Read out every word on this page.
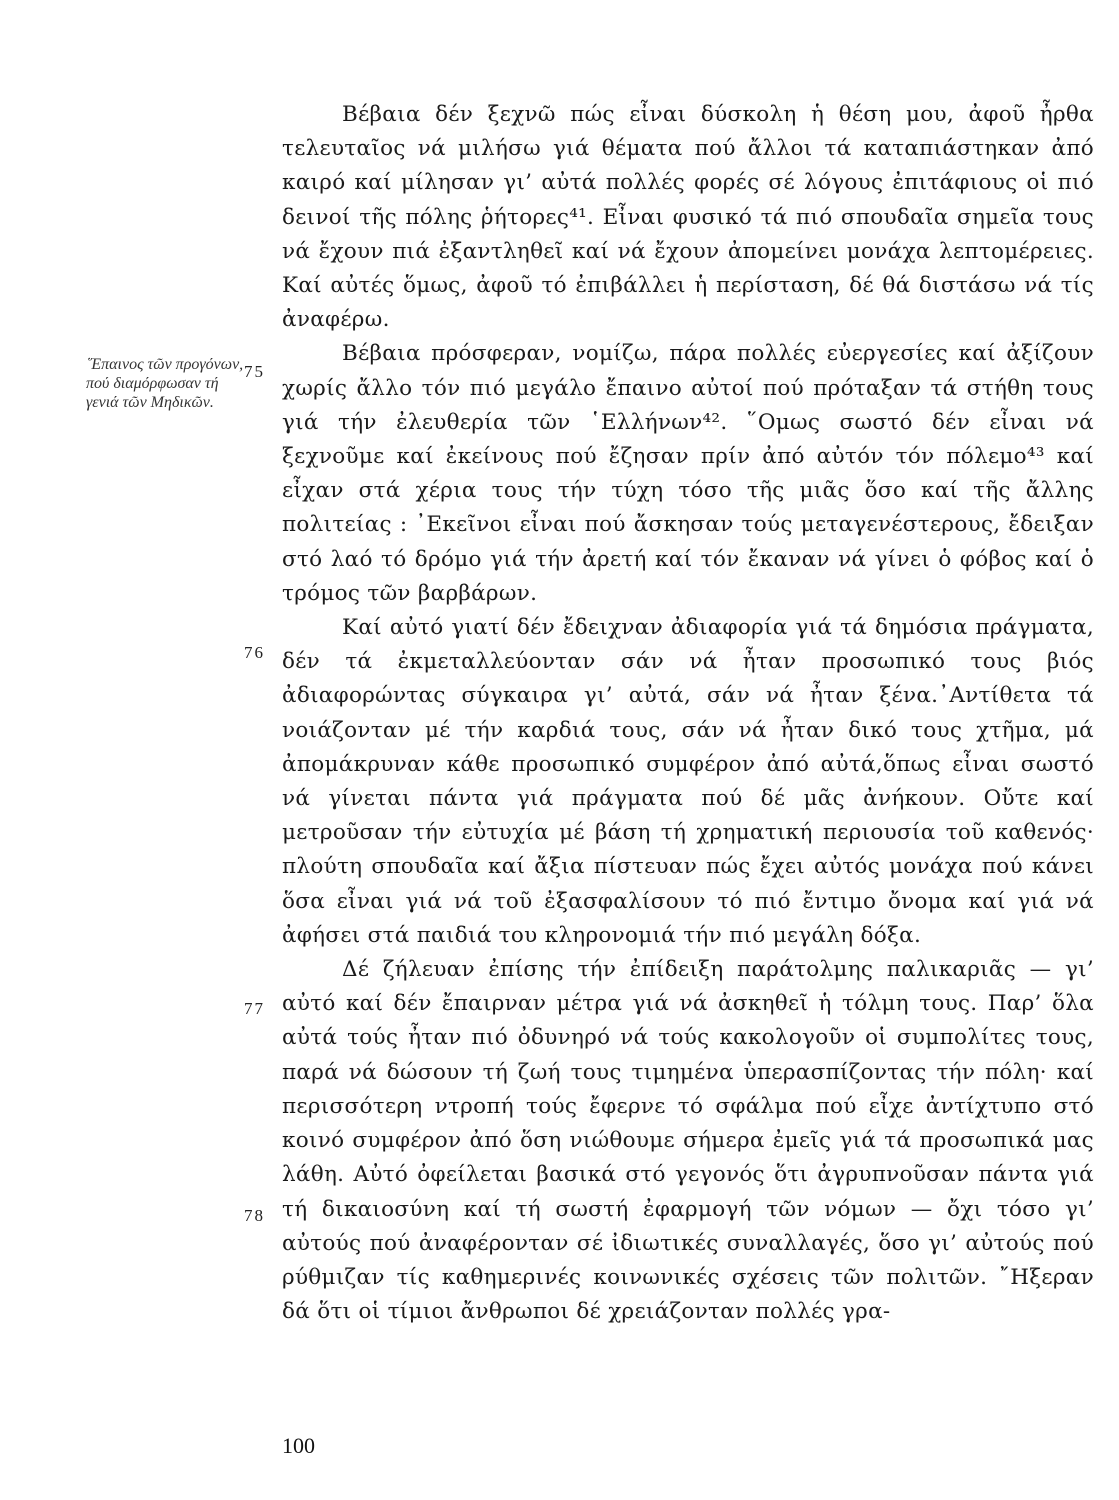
῞Επαινος τῶν προγόνων, πού διαμόρφωσαν τή γενιά τῶν Μηδικῶν.
75
76
77
78

Βέβαια δέν ξεχνῶ πώς εἶναι δύσκολη ἡ θέση μου, ἀφοῦ ἦρθα τελευταῖος νά μιλήσω γιά θέματα πού ἄλλοι τά καταπιάστηκαν ἀπό καιρό καί μίλησαν γι’ αὐτά πολλές φορές σέ λόγους ἐπιτάφιους οἱ πιό δεινοί τῆς πόλης ῥήτορες⁴¹. Εἶναι φυσικό τά πιό σπουδαῖα σημεῖα τους νά ἔχουν πιά ἐξαντληθεῖ καί νά ἔχουν ἀπομείνει μονάχα λεπτομέρειες. Καί αὐτές ὅμως, ἀφοῦ τό ἐπιβάλλει ἡ περίσταση, δέ θά διστάσω νά τίς ἀναφέρω.

Βέβαια πρόσφεραν, νομίζω, πάρα πολλές εὐεργεσίες καί ἀξίζουν χωρίς ἄλλο τόν πιό μεγάλο ἔπαινο αὐτοί πού πρόταξαν τά στήθη τους γιά τήν ἐλευθερία τῶν ῾Ελλήνων⁴². ῞Ομως σωστό δέν εἶναι νά ξεχνοῦμε καί ἐκείνους πού ἔζησαν πρίν ἀπό αὐτόν τόν πόλεμο⁴³ καί εἶχαν στά χέρια τους τήν τύχη τόσο τῆς μιᾶς ὅσο καί τῆς ἄλλης πολιτείας : ᾿Εκεῖνοι εἶναι πού ἄσκησαν τούς μεταγενέστερους, ἔδειξαν στό λαό τό δρόμο γιά τήν ἀρετή καί τόν ἔκαναν νά γίνει ὁ φόβος καί ὁ τρόμος τῶν βαρβάρων.

Καί αὐτό γιατί δέν ἔδειχναν ἀδιαφορία γιά τά δημόσια πράγματα, δέν τά ἐκμεταλλεύονταν σάν νά ἦταν προσωπικό τους βιός ἀδιαφορώντας σύγκαιρα γι’ αὐτά, σάν νά ἦταν ξένα.᾿Αντίθετα τά νοιάζονταν μέ τήν καρδιά τους, σάν νά ἦταν δικό τους χτῆμα, μά ἀπομάκρυναν κάθε προσωπικό συμφέρον ἀπό αὐτά,ὅπως εἶναι σωστό νά γίνεται πάντα γιά πράγματα πού δέ μᾶς ἀνήκουν. Οὔτε καί μετροῦσαν τήν εὐτυχία μέ βάση τή χρηματική περιουσία τοῦ καθενός· πλούτη σπουδαῖα καί ἄξια πίστευαν πώς ἔχει αὐτός μονάχα πού κάνει ὅσα εἶναι γιά νά τοῦ ἐξασφαλίσουν τό πιό ἔντιμο ὄνομα καί γιά νά ἀφήσει στά παιδιά του κληρονομιά τήν πιό μεγάλη δόξα.

Δέ ζήλευαν ἐπίσης τήν ἐπίδειξη παράτολμης παλικαριᾶς — γι’ αὐτό καί δέν ἔπαιρναν μέτρα γιά νά ἀσκηθεῖ ἡ τόλμη τους. Παρ’ ὅλα αὐτά τούς ἦταν πιό ὀδυνηρό νά τούς κακολογοῦν οἱ συμπολίτες τους, παρά νά δώσουν τή ζωή τους τιμημένα ὑπερασπίζοντας τήν πόλη· καί περισσότερη ντροπή τούς ἔφερνε τό σφάλμα πού εἶχε ἀντίχτυπο στό κοινό συμφέρον ἀπό ὅση νιώθουμε σήμερα ἐμεῖς γιά τά προσωπικά μας λάθη. Αὐτό ὀφείλεται βασικά στό γεγονός ὅτι ἀγρυπνοῦσαν πάντα γιά τή δικαιοσύνη καί τή σωστή ἐφαρμογή τῶν νόμων — ὄχι τόσο γι’ αὐτούς πού ἀναφέρονταν σέ ἰδιωτικές συναλλαγές, ὅσο γι’ αὐτούς πού ρύθμιζαν τίς καθημερινές κοινωνικές σχέσεις τῶν πολιτῶν. ῎Ηξεραν δά ὅτι οἱ τίμιοι ἄνθρωποι δέ χρειάζονταν πολλές γρα-

100
